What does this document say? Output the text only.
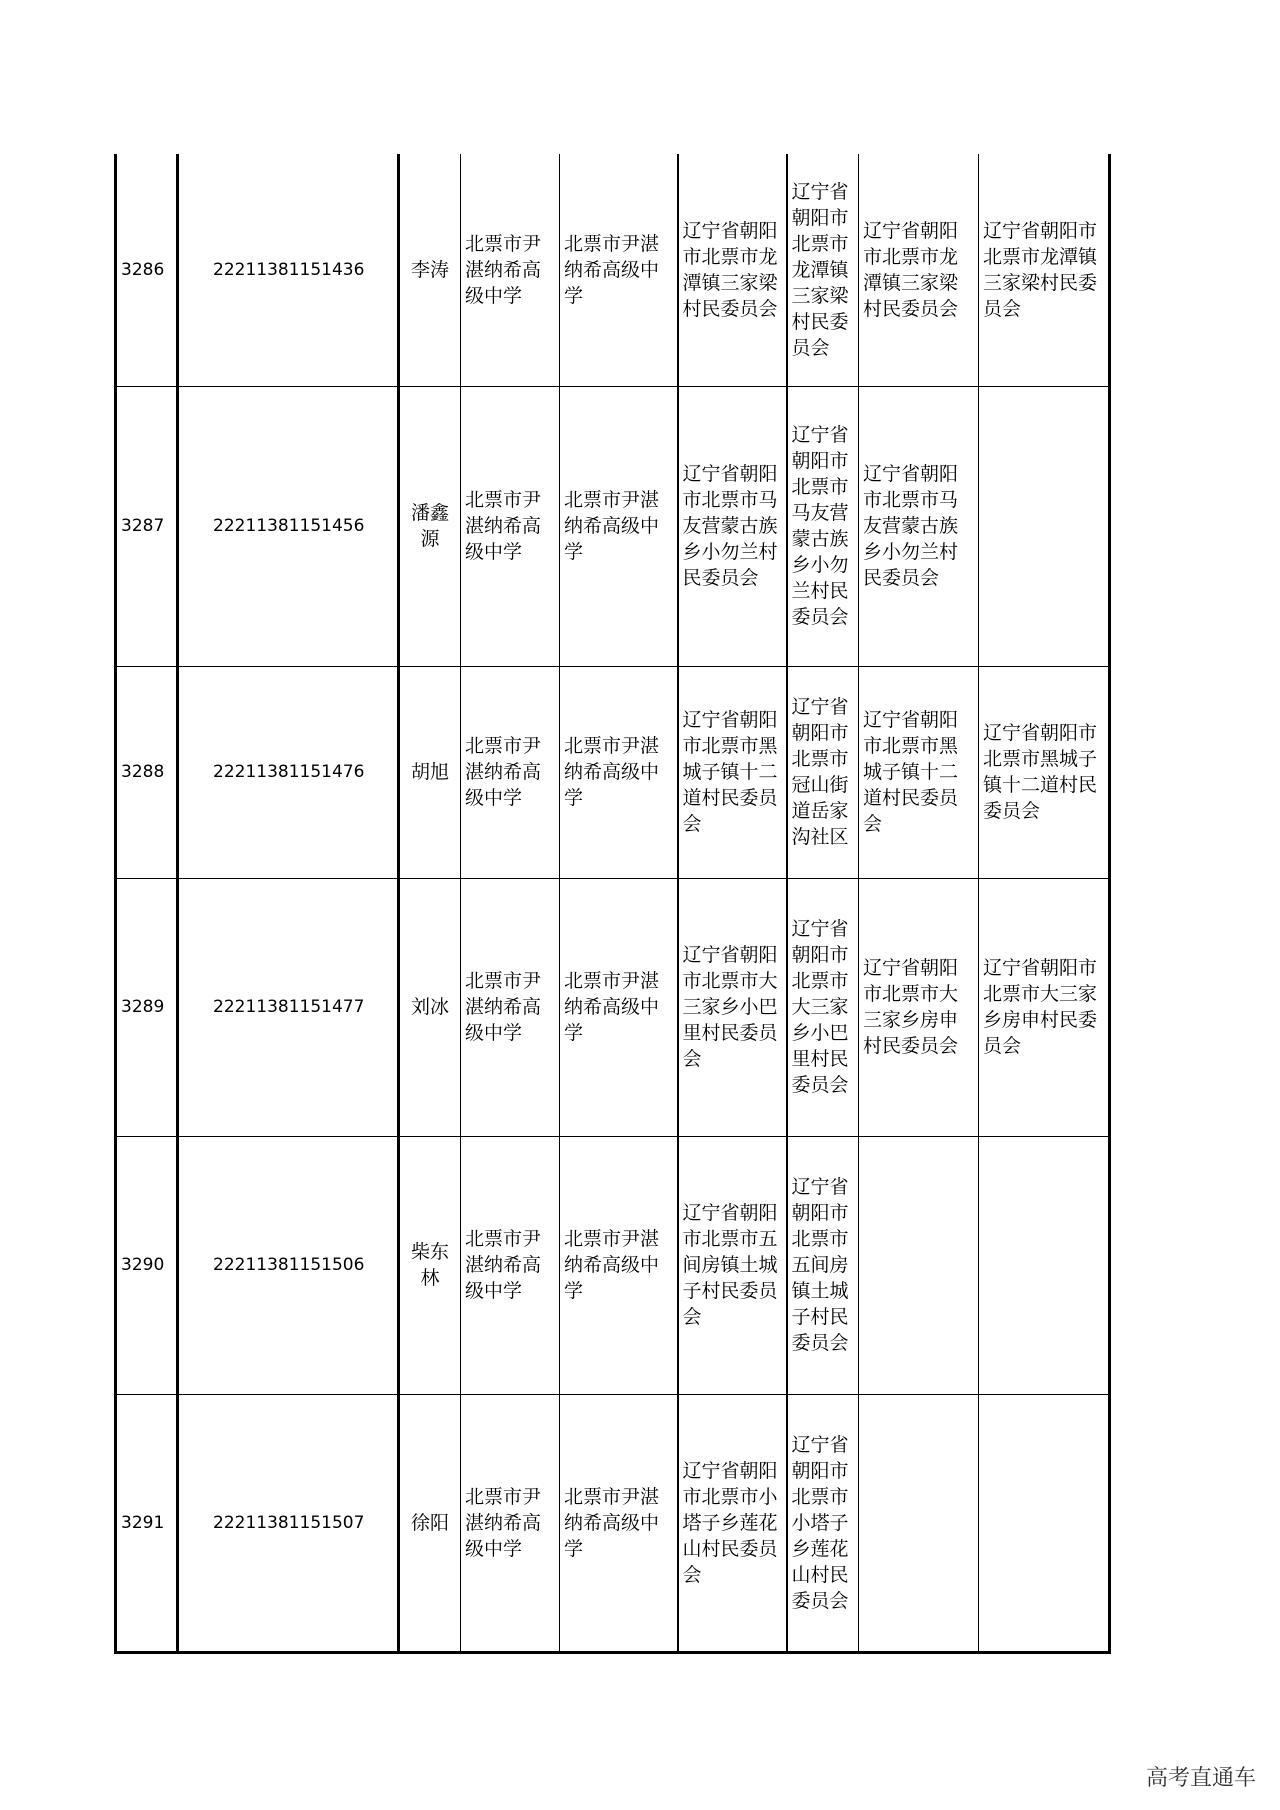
3286	22211381151436	李涛	北票市尹湛纳希高级中学	北票市尹湛纳希高级中学	辽宁省朝阳市北票市龙潭镇三家梁村民委员会	辽宁省朝阳市北票市龙潭镇三家梁村民委员会	辽宁省朝阳市北票市龙潭镇三家梁村民委员会	辽宁省朝阳市北票市龙潭镇三家梁村民委员会
3287	22211381151456	潘鑫源	北票市尹湛纳希高级中学	北票市尹湛纳希高级中学	辽宁省朝阳市北票市马友营蒙古族乡小勿兰村民委员会	辽宁省朝阳市北票市马友营蒙古族乡小勿兰村民委员会	辽宁省朝阳市北票市马友营蒙古族乡小勿兰村民委员会	
3288	22211381151476	胡旭	北票市尹湛纳希高级中学	北票市尹湛纳希高级中学	辽宁省朝阳市北票市黑城子镇十二道村民委员会	辽宁省朝阳市北票市冠山街道岳家沟社区	辽宁省朝阳市北票市黑城子镇十二道村民委员会	辽宁省朝阳市北票市黑城子镇十二道村民委员会
3289	22211381151477	刘冰	北票市尹湛纳希高级中学	北票市尹湛纳希高级中学	辽宁省朝阳市北票市大三家乡小巴里村民委员会	辽宁省朝阳市北票市大三家乡小巴里村民委员会	辽宁省朝阳市北票市大三家乡房申村民委员会	辽宁省朝阳市北票市大三家乡房申村民委员会
3290	22211381151506	柴东林	北票市尹湛纳希高级中学	北票市尹湛纳希高级中学	辽宁省朝阳市北票市五间房镇土城子村民委员会	辽宁省朝阳市北票市五间房镇土城子村民委员会		
3291	22211381151507	徐阳	北票市尹湛纳希高级中学	北票市尹湛纳希高级中学	辽宁省朝阳市北票市小塔子乡莲花山村民委员会	辽宁省朝阳市北票市小塔子乡莲花山村民委员会		
高考直通车
